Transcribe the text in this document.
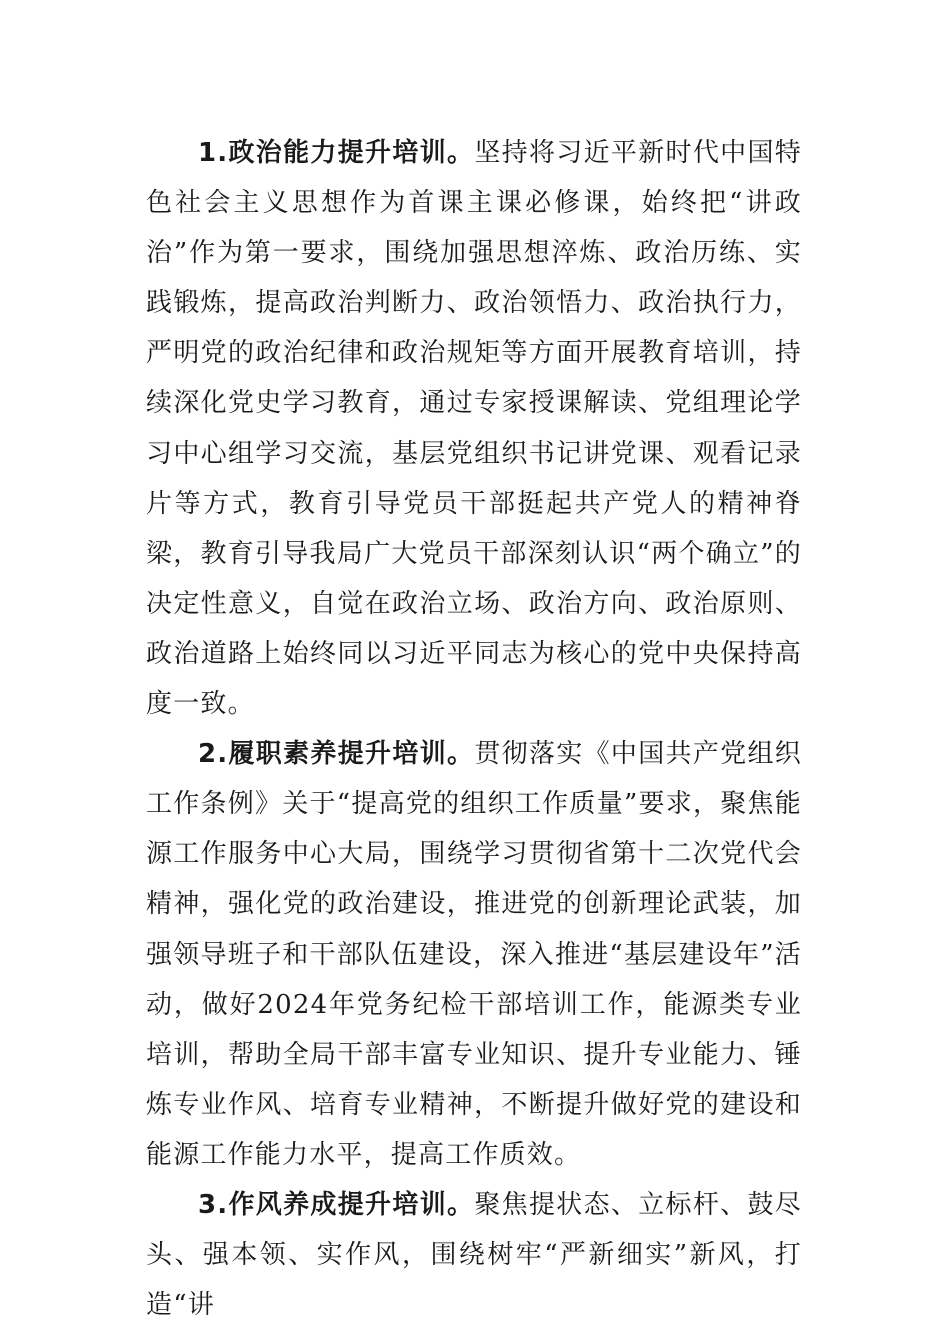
1.政治能力提升培训。坚持将习近平新时代中国特色社会主义思想作为首课主课必修课，始终把“讲政治”作为第一要求，围绕加强思想淬炼、政治历练、实践锻炼，提高政治判断力、政治领悟力、政治执行力，严明党的政治纪律和政治规矩等方面开展教育培训，持续深化党史学习教育，通过专家授课解读、党组理论学习中心组学习交流，基层党组织书记讲党课、观看记录片等方式，教育引导党员干部挺起共产党人的精神脊梁，教育引导我局广大党员干部深刻认识“两个确立”的决定性意义，自觉在政治立场、政治方向、政治原则、政治道路上始终同以习近平同志为核心的党中央保持高度一致。

2.履职素养提升培训。贯彻落实《中国共产党组织工作条例》关于“提高党的组织工作质量”要求，聚焦能源工作服务中心大局，围绕学习贯彻省第十二次党代会精神，强化党的政治建设，推进党的创新理论武装，加强领导班子和干部队伍建设，深入推进“基层建设年”活动，做好2024年党务纪检干部培训工作，能源类专业培训，帮助全局干部丰富专业知识、提升专业能力、锤炼专业作风、培育专业精神，不断提升做好党的建设和能源工作能力水平，提高工作质效。

3.作风养成提升培训。聚焦提状态、立标杆、鼓尽头、强本领、实作风，围绕树牢“严新细实”新风，打造“讲
